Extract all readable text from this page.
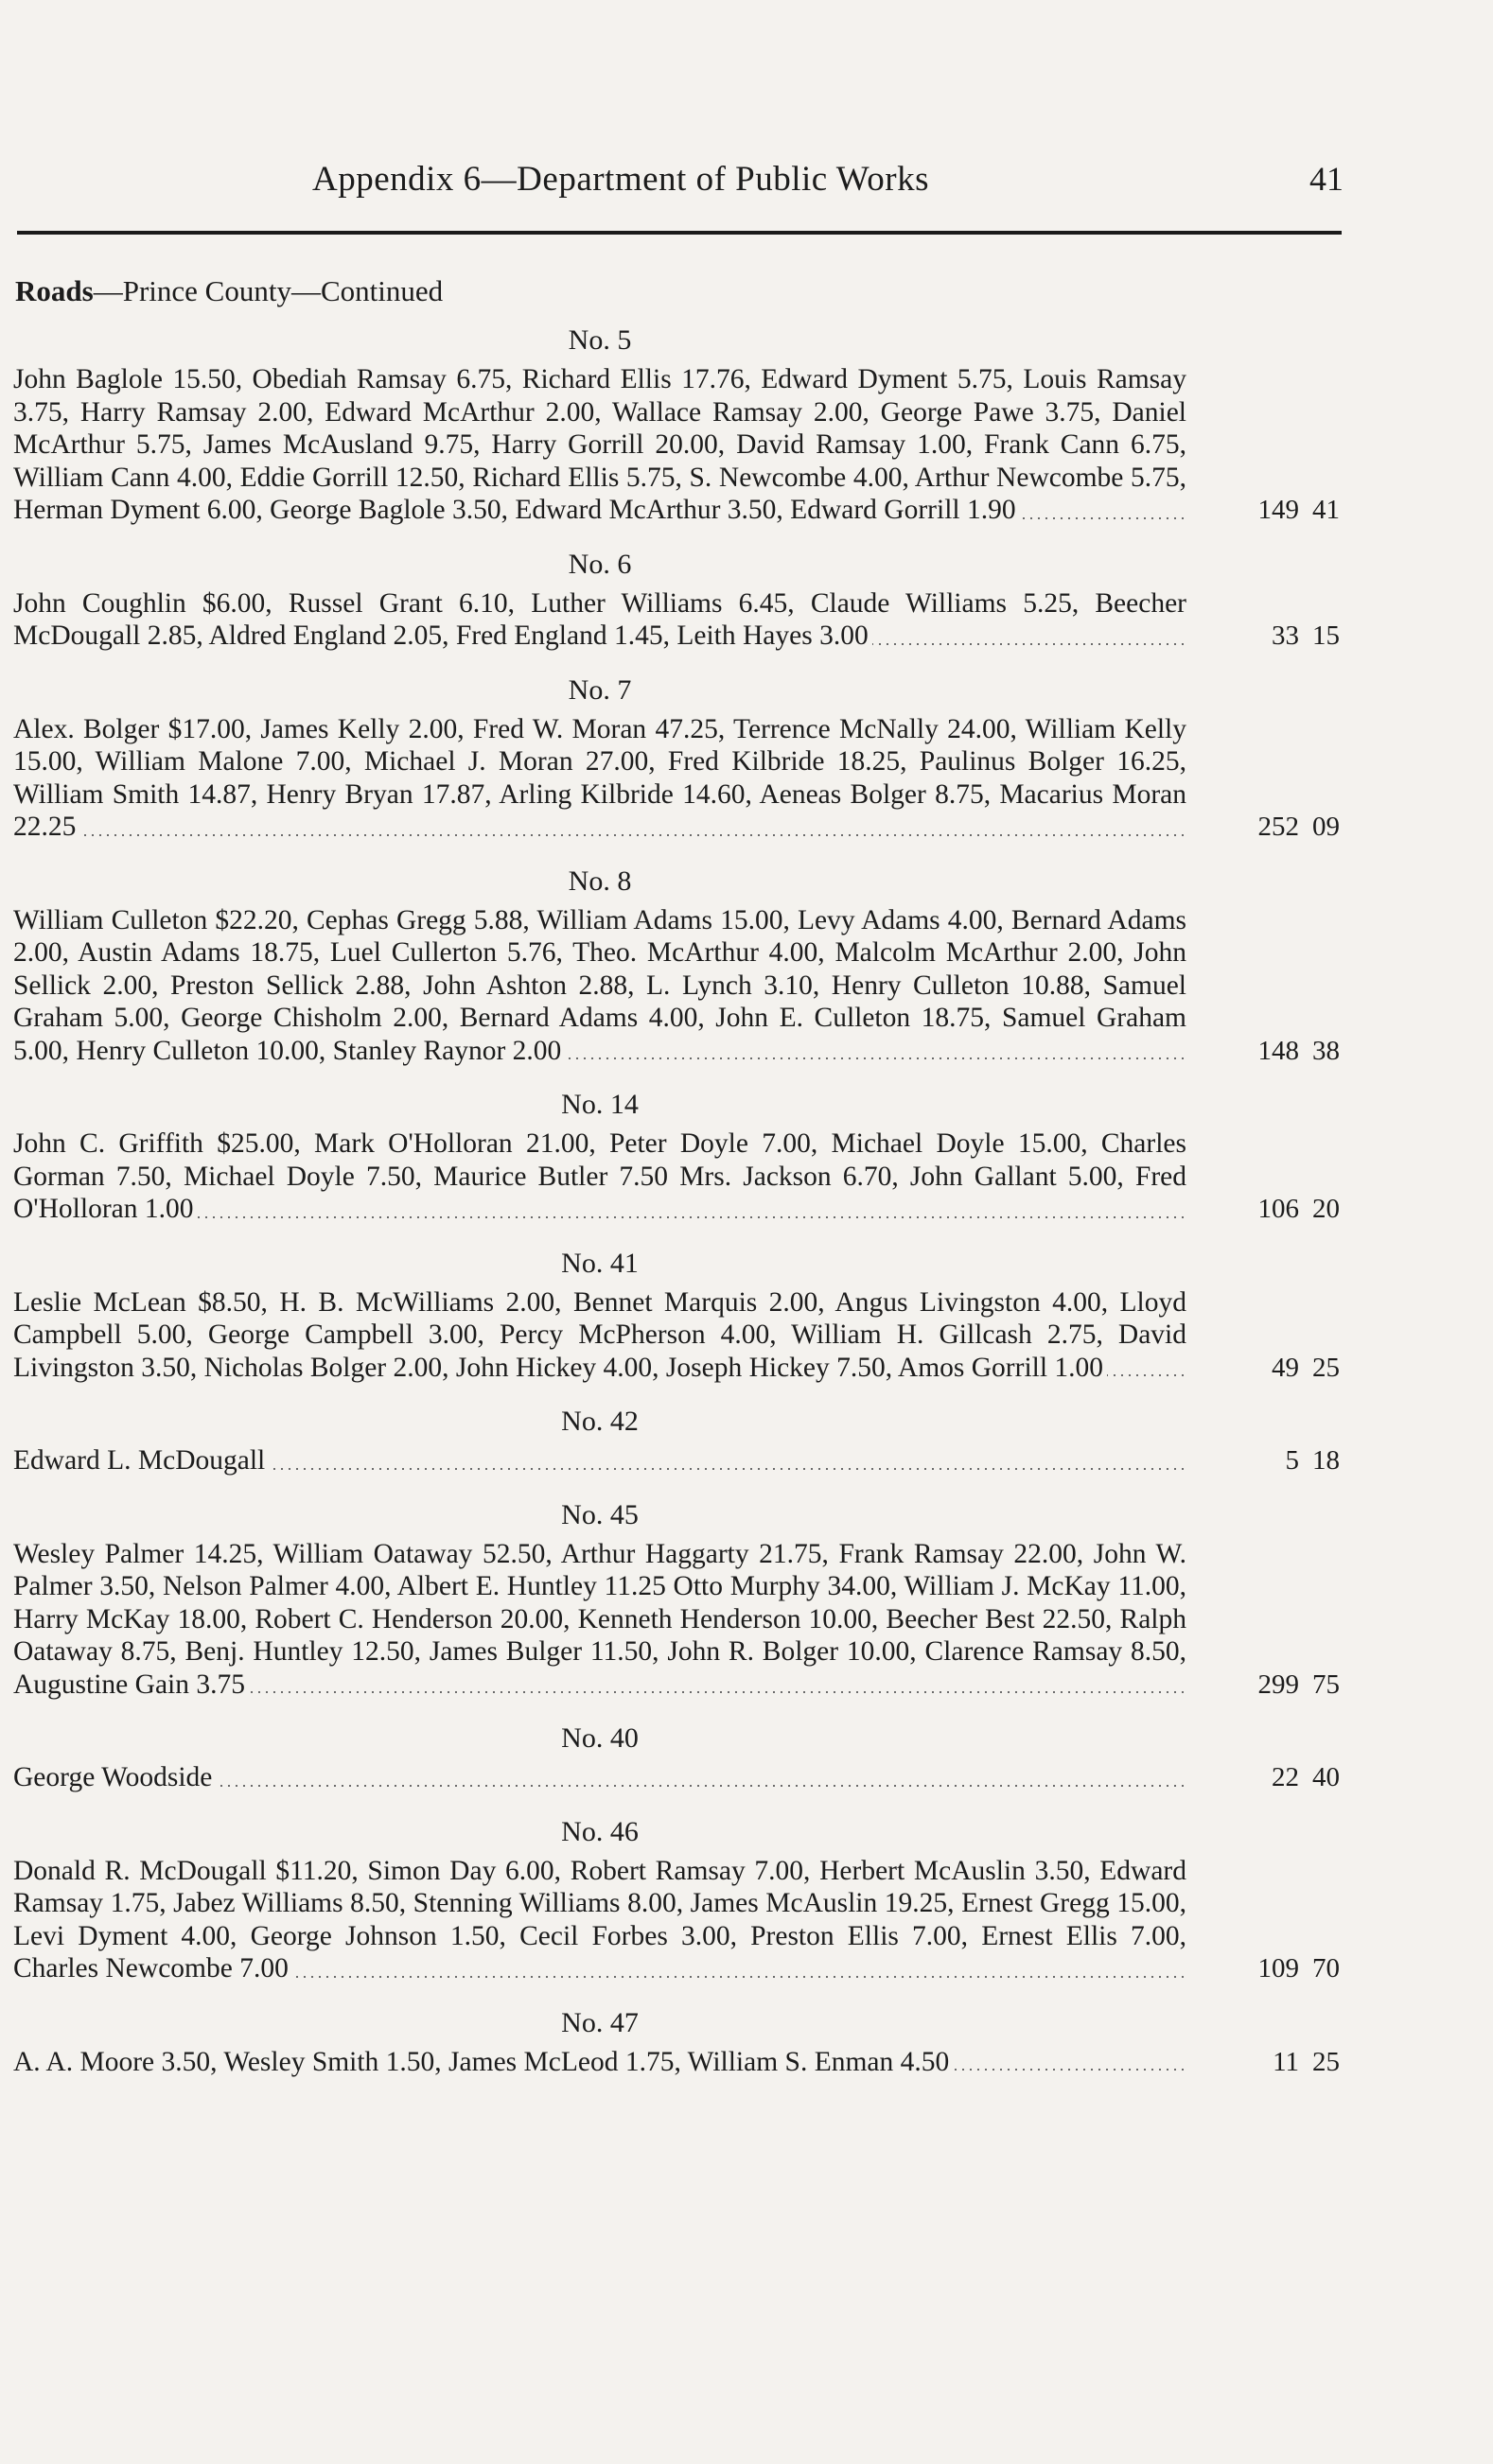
Appendix 6—Department of Public Works	41
Roads—Prince County—Continued
No. 5
John Baglole 15.50, Obediah Ramsay 6.75, Richard Ellis 17.76, Edward Dyment 5.75, Louis Ramsay 3.75, Harry Ramsay 2.00, Edward McArthur 2.00, Wallace Ramsay 2.00, George Pawe 3.75, Daniel McArthur 5.75, James McAusland 9.75, Harry Gorrill 20.00, David Ramsay 1.00, Frank Cann 6.75, William Cann 4.00, Eddie Gorrill 12.50, Richard Ellis 5.75, S. Newcombe 4.00, Arthur Newcombe 5.75, Herman Dyment 6.00, George Baglole 3.50, Edward McArthur 3.50, Edward Gorrill 1.90	149 41
No. 6
John Coughlin $6.00, Russel Grant 6.10, Luther Williams 6.45, Claude Williams 5.25, Beecher McDougall 2.85, Aldred England 2.05, Fred England 1.45, Leith Hayes 3.00	33 15
No. 7
Alex. Bolger $17.00, James Kelly 2.00, Fred W. Moran 47.25, Terrence McNally 24.00, William Kelly 15.00, William Malone 7.00, Michael J. Moran 27.00, Fred Kilbride 18.25, Paulinus Bolger 16.25, William Smith 14.87, Henry Bryan 17.87, Arling Kilbride 14.60, Aeneas Bolger 8.75, Macarius Moran 22.25	252 09
No. 8
William Culleton $22.20, Cephas Gregg 5.88, William Adams 15.00, Levy Adams 4.00, Bernard Adams 2.00, Austin Adams 18.75, Luel Cullerton 5.76, Theo. McArthur 4.00, Malcolm McArthur 2.00, John Sellick 2.00, Preston Sellick 2.88, John Ashton 2.88, L. Lynch 3.10, Henry Culleton 10.88, Samuel Graham 5.00, George Chisholm 2.00, Bernard Adams 4.00, John E. Culleton 18.75, Samuel Graham 5.00, Henry Culleton 10.00, Stanley Raynor 2.00	148 38
No. 14
John C. Griffith $25.00, Mark O'Holloran 21.00, Peter Doyle 7.00, Michael Doyle 15.00, Charles Gorman 7.50, Michael Doyle 7.50, Maurice Butler 7.50 Mrs. Jackson 6.70, John Gallant 5.00, Fred O'Holloran 1.00	106 20
No. 41
Leslie McLean $8.50, H. B. McWilliams 2.00, Bennet Marquis 2.00, Angus Livingston 4.00, Lloyd Campbell 5.00, George Campbell 3.00, Percy McPherson 4.00, William H. Gillcash 2.75, David Livingston 3.50, Nicholas Bolger 2.00, John Hickey 4.00, Joseph Hickey 7.50, Amos Gorrill 1.00	49 25
No. 42
Edward L. McDougall	5 18
No. 45
Wesley Palmer 14.25, William Oataway 52.50, Arthur Haggarty 21.75, Frank Ramsay 22.00, John W. Palmer 3.50, Nelson Palmer 4.00, Albert E. Huntley 11.25 Otto Murphy 34.00, William J. McKay 11.00, Harry McKay 18.00, Robert C. Henderson 20.00, Kenneth Henderson 10.00, Beecher Best 22.50, Ralph Oataway 8.75, Benj. Huntley 12.50, James Bulger 11.50, John R. Bolger 10.00, Clarence Ramsay 8.50, Augustine Gain 3.75	299 75
No. 40
George Woodside	22 40
No. 46
Donald R. McDougall $11.20, Simon Day 6.00, Robert Ramsay 7.00, Herbert McAuslin 3.50, Edward Ramsay 1.75, Jabez Williams 8.50, Stenning Williams 8.00, James McAuslin 19.25, Ernest Gregg 15.00, Levi Dyment 4.00, George Johnson 1.50, Cecil Forbes 3.00, Preston Ellis 7.00, Ernest Ellis 7.00, Charles Newcombe 7.00	109 70
No. 47
A. A. Moore 3.50, Wesley Smith 1.50, James McLeod 1.75, William S. Enman 4.50	11 25
